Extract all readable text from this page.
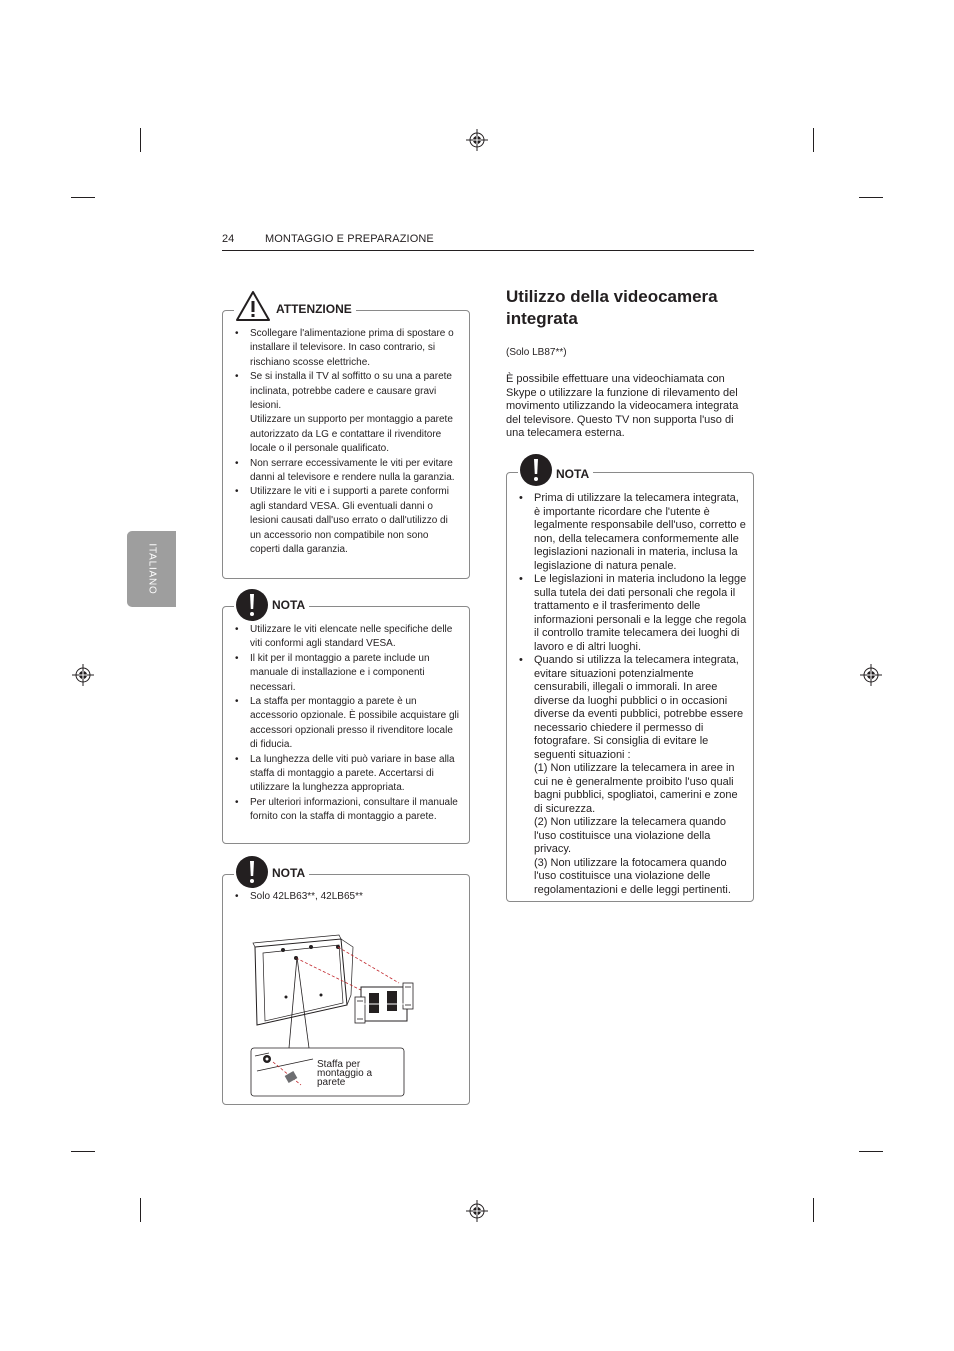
24	MONTAGGIO E PREPARAZIONE
ITALIANO
• Scollegare l'alimentazione prima di spostare o installare il televisore. In caso contrario, si rischiano scosse elettriche.
• Se si installa il TV al soffitto o su una a parete inclinata, potrebbe cadere e causare gravi lesioni.
Utilizzare un supporto per montaggio a parete autorizzato da LG e contattare il rivenditore locale o il personale qualificato.
• Non serrare eccessivamente le viti per evitare danni al televisore e rendere nulla la garanzia.
• Utilizzare le viti e i supporti a parete conformi agli standard VESA. Gli eventuali danni o lesioni causati dall'uso errato o dall'utilizzo di un accessorio non compatibile non sono coperti dalla garanzia.
ATTENZIONE
• Utilizzare le viti elencate nelle specifiche delle viti conformi agli standard VESA.
• Il kit per il montaggio a parete include un manuale di installazione e i componenti necessari.
• La staffa per montaggio a parete è un accessorio opzionale. È possibile acquistare gli accessori opzionali presso il rivenditore locale di fiducia.
• La lunghezza delle viti può variare in base alla staffa di montaggio a parete. Accertarsi di utilizzare la lunghezza appropriata.
• Per ulteriori informazioni, consultare il manuale fornito con la staffa di montaggio a parete.
NOTA
• Solo 42LB63**, 42LB65**
Staffa per
montaggio a
parete
NOTA
Utilizzo della videocamera
integrata
(Solo LB87**)
È possibile effettuare una videochiamata con Skype o utilizzare la funzione di rilevamento del movimento utilizzando la videocamera integrata del televisore. Questo TV non supporta l'uso di una telecamera esterna.
• Prima di utilizzare la telecamera integrata, è importante ricordare che l'utente è legalmente responsabile dell'uso, corretto e non, della telecamera conformemente alle legislazioni nazionali in materia, inclusa la legislazione di natura penale.
• Le legislazioni in materia includono la legge sulla tutela dei dati personali che regola il trattamento e il trasferimento delle informazioni personali e la legge che regola il controllo tramite telecamera dei luoghi di lavoro e di altri luoghi.
• Quando si utilizza la telecamera integrata, evitare situazioni potenzialmente censurabili, illegali o immorali. In aree diverse da luoghi pubblici o in occasioni diverse da eventi pubblici, potrebbe essere necessario chiedere il permesso di fotografare. Si consiglia di evitare le seguenti situazioni :
(1) Non utilizzare la telecamera in aree in cui ne è generalmente proibito l'uso quali bagni pubblici, spogliatoi, camerini e zone di sicurezza.
(2) Non utilizzare la telecamera quando l'uso costituisce una violazione della privacy.
(3) Non utilizzare la fotocamera quando l'uso costituisce una violazione delle regolamentazioni e delle leggi pertinenti.
NOTA
